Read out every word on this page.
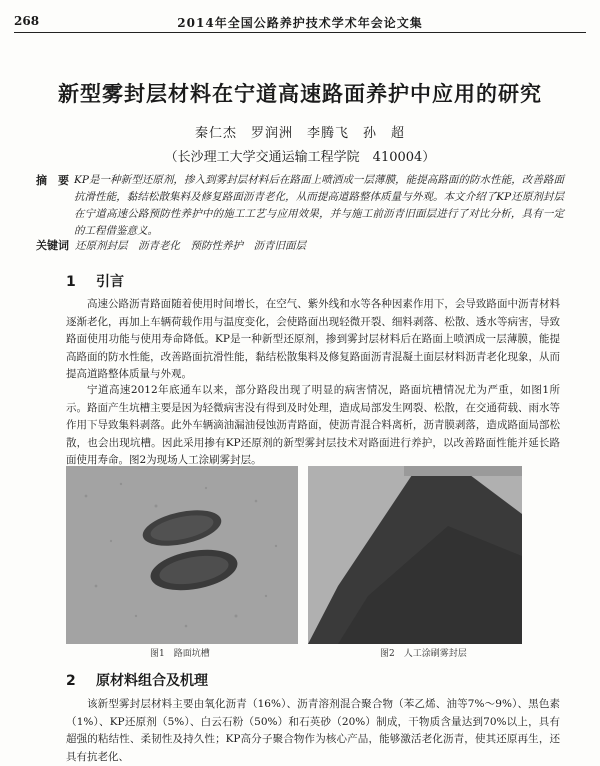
268	2014年全国公路养护技术学术年会论文集
新型雾封层材料在宁道高速路面养护中应用的研究
秦仁杰　罗润洲　李腾飞　孙　超
（长沙理工大学交通运输工程学院　410004）
摘　要 KP是一种新型还原剂，掺入到雾封层材料后在路面上喷洒成一层薄膜，能提高路面的防水性能，改善路面抗滑性能，黏结松散集料及修复路面沥青老化，从而提高道路整体质量与外观。本文介绍了KP还原剂封层在宁道高速公路预防性养护中的施工工艺与应用效果，并与施工前沥青旧面层进行了对比分析，具有一定的工程借鉴意义。
关键词 还原剂封层　沥青老化　预防性养护　沥青旧面层
1 引言
高速公路沥青路面随着使用时间增长，在空气、紫外线和水等各种因素作用下，会导致路面中沥青材料逐渐老化，再加上车辆荷载作用与温度变化，会使路面出现轻微开裂、细料剥落、松散、透水等病害，导致路面使用功能与使用寿命降低。KP是一种新型还原剂，掺到雾封层材料后在路面上喷洒成一层薄膜，能提高路面的防水性能，改善路面抗滑性能，黏结松散集料及修复路面沥青混凝土面层材料沥青老化现象，从而提高道路整体质量与外观。
宁道高速2012年底通车以来，部分路段出现了明显的病害情况，路面坑槽情况尤为严重，如图1所示。路面产生坑槽主要是因为轻微病害没有得到及时处理，造成局部发生网裂、松散，在交通荷载、雨水等作用下导致集料剥落。此外车辆滴油漏油侵蚀沥青路面，使沥青混合料离析，沥青膜剥落，造成路面局部松散，也会出现坑槽。因此采用掺有KP还原剂的新型雾封层技术对路面进行养护，以改善路面性能并延长路面使用寿命。图2为现场人工涂刷雾封层。
图1　路面坑槽	图2　人工涂刷雾封层
2 原材料组合及机理
该新型雾封层材料主要由氧化沥青（16%）、沥青溶剂混合聚合物（苯乙烯、油等7%～9%）、黑色素（1%）、KP还原剂（5%）、白云石粉（50%）和石英砂（20%）制成，干物质含量达到70%以上，具有超强的粘结性、柔韧性及持久性；KP高分子聚合物作为核心产品，能够激活老化沥青，使其还原再生，还具有抗老化、
